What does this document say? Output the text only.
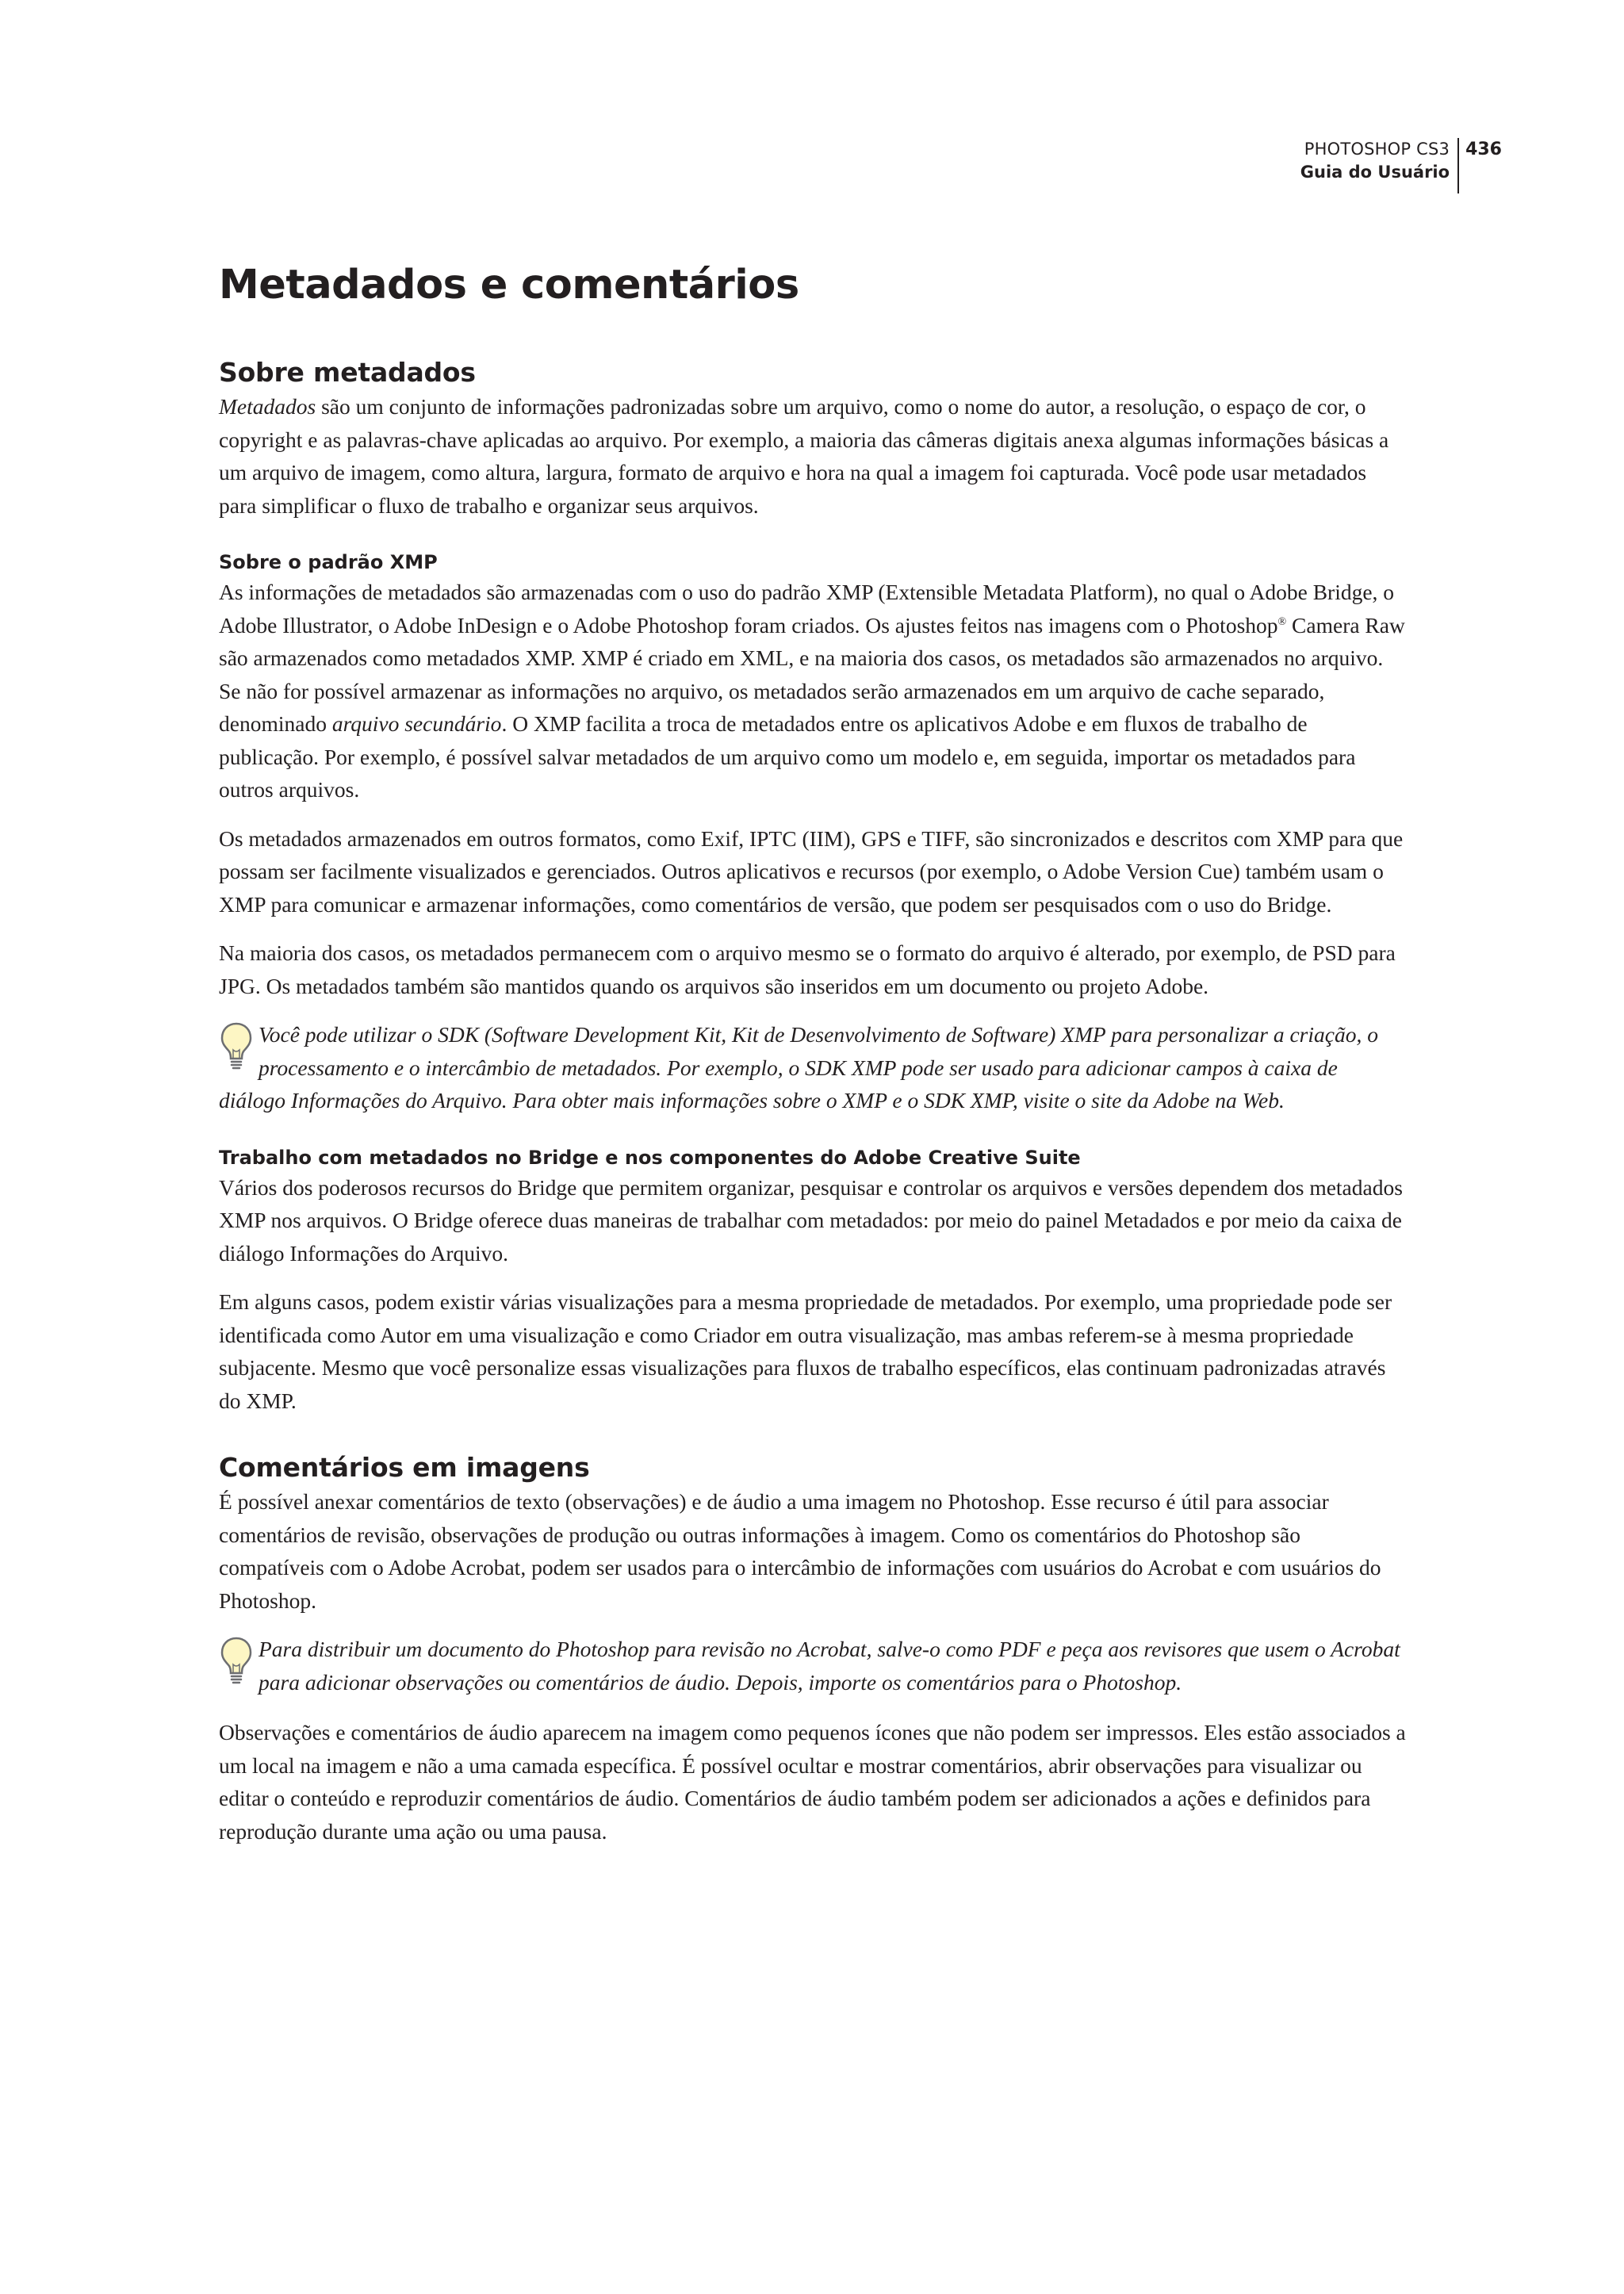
PHOTOSHOP CS3
Guia do Usuário
436
Metadados e comentários
Sobre metadados

Metadados são um conjunto de informações padronizadas sobre um arquivo, como o nome do autor, a resolução, o espaço de cor, o copyright e as palavras-chave aplicadas ao arquivo. Por exemplo, a maioria das câmeras digitais anexa algumas informações básicas a um arquivo de imagem, como altura, largura, formato de arquivo e hora na qual a imagem foi capturada. Você pode usar metadados para simplificar o fluxo de trabalho e organizar seus arquivos.

Sobre o padrão XMP

As informações de metadados são armazenadas com o uso do padrão XMP (Extensible Metadata Platform), no qual o Adobe Bridge, o Adobe Illustrator, o Adobe InDesign e o Adobe Photoshop foram criados. Os ajustes feitos nas imagens com o Photoshop® Camera Raw são armazenados como metadados XMP. XMP é criado em XML, e na maioria dos casos, os metadados são armazenados no arquivo. Se não for possível armazenar as informações no arquivo, os metadados serão armazenados em um arquivo de cache separado, denominado arquivo secundário. O XMP facilita a troca de metadados entre os aplicativos Adobe e em fluxos de trabalho de publicação. Por exemplo, é possível salvar metadados de um arquivo como um modelo e, em seguida, importar os metadados para outros arquivos.

Os metadados armazenados em outros formatos, como Exif, IPTC (IIM), GPS e TIFF, são sincronizados e descritos com XMP para que possam ser facilmente visualizados e gerenciados. Outros aplicativos e recursos (por exemplo, o Adobe Version Cue) também usam o XMP para comunicar e armazenar informações, como comentários de versão, que podem ser pesquisados com o uso do Bridge.

Na maioria dos casos, os metadados permanecem com o arquivo mesmo se o formato do arquivo é alterado, por exemplo, de PSD para JPG. Os metadados também são mantidos quando os arquivos são inseridos em um documento ou projeto Adobe.

Você pode utilizar o SDK (Software Development Kit, Kit de Desenvolvimento de Software) XMP para personalizar a criação, o processamento e o intercâmbio de metadados. Por exemplo, o SDK XMP pode ser usado para adicionar campos à caixa de diálogo Informações do Arquivo. Para obter mais informações sobre o XMP e o SDK XMP, visite o site da Adobe na Web.

Trabalho com metadados no Bridge e nos componentes do Adobe Creative Suite

Vários dos poderosos recursos do Bridge que permitem organizar, pesquisar e controlar os arquivos e versões dependem dos metadados XMP nos arquivos. O Bridge oferece duas maneiras de trabalhar com metadados: por meio do painel Metadados e por meio da caixa de diálogo Informações do Arquivo.

Em alguns casos, podem existir várias visualizações para a mesma propriedade de metadados. Por exemplo, uma propriedade pode ser identificada como Autor em uma visualização e como Criador em outra visualização, mas ambas referem-se à mesma propriedade subjacente. Mesmo que você personalize essas visualizações para fluxos de trabalho específicos, elas continuam padronizadas através do XMP.

Comentários em imagens

É possível anexar comentários de texto (observações) e de áudio a uma imagem no Photoshop. Esse recurso é útil para associar comentários de revisão, observações de produção ou outras informações à imagem. Como os comentários do Photoshop são compatíveis com o Adobe Acrobat, podem ser usados para o intercâmbio de informações com usuários do Acrobat e com usuários do Photoshop.

Para distribuir um documento do Photoshop para revisão no Acrobat, salve-o como PDF e peça aos revisores que usem o Acrobat para adicionar observações ou comentários de áudio. Depois, importe os comentários para o Photoshop.

Observações e comentários de áudio aparecem na imagem como pequenos ícones que não podem ser impressos. Eles estão associados a um local na imagem e não a uma camada específica. É possível ocultar e mostrar comentários, abrir observações para visualizar ou editar o conteúdo e reproduzir comentários de áudio. Comentários de áudio também podem ser adicionados a ações e definidos para reprodução durante uma ação ou uma pausa.
